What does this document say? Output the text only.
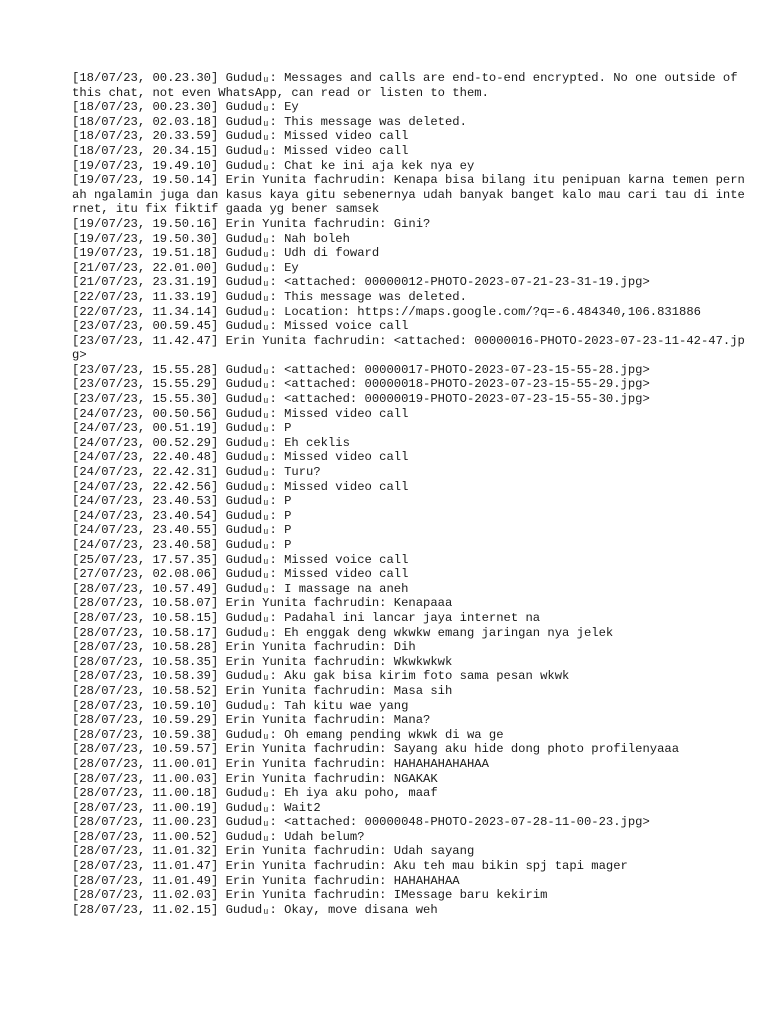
[18/07/23, 00.23.30] Gududᵤ: Messages and calls are end-to-end encrypted. No one outside of this chat, not even WhatsApp, can read or listen to them.
[18/07/23, 00.23.30] Gududᵤ: Ey
[18/07/23, 02.03.18] Gududᵤ: This message was deleted.
[18/07/23, 20.33.59] Gududᵤ: Missed video call
[18/07/23, 20.34.15] Gududᵤ: Missed video call
[19/07/23, 19.49.10] Gududᵤ: Chat ke ini aja kek nya ey
[19/07/23, 19.50.14] Erin Yunita fachrudin: Kenapa bisa bilang itu penipuan karna temen pernah ngalamin juga dan kasus kaya gitu sebenernya udah banyak banget kalo mau cari tau di internet, itu fix fiktif gaada yg bener samsek
[19/07/23, 19.50.16] Erin Yunita fachrudin: Gini?
[19/07/23, 19.50.30] Gududᵤ: Nah boleh
[19/07/23, 19.51.18] Gududᵤ: Udh di foward
[21/07/23, 22.01.00] Gududᵤ: Ey
[21/07/23, 23.31.19] Gududᵤ: <attached: 00000012-PHOTO-2023-07-21-23-31-19.jpg>
[22/07/23, 11.33.19] Gududᵤ: This message was deleted.
[22/07/23, 11.34.14] Gududᵤ: Location: https://maps.google.com/?q=-6.484340,106.831886
[23/07/23, 00.59.45] Gududᵤ: Missed voice call
[23/07/23, 11.42.47] Erin Yunita fachrudin: <attached: 00000016-PHOTO-2023-07-23-11-42-47.jpg>
[23/07/23, 15.55.28] Gududᵤ: <attached: 00000017-PHOTO-2023-07-23-15-55-28.jpg>
[23/07/23, 15.55.29] Gududᵤ: <attached: 00000018-PHOTO-2023-07-23-15-55-29.jpg>
[23/07/23, 15.55.30] Gududᵤ: <attached: 00000019-PHOTO-2023-07-23-15-55-30.jpg>
[24/07/23, 00.50.56] Gududᵤ: Missed video call
[24/07/23, 00.51.19] Gududᵤ: P
[24/07/23, 00.52.29] Gududᵤ: Eh ceklis
[24/07/23, 22.40.48] Gududᵤ: Missed video call
[24/07/23, 22.42.31] Gududᵤ: Turu?
[24/07/23, 22.42.56] Gududᵤ: Missed video call
[24/07/23, 23.40.53] Gududᵤ: P
[24/07/23, 23.40.54] Gududᵤ: P
[24/07/23, 23.40.55] Gududᵤ: P
[24/07/23, 23.40.58] Gududᵤ: P
[25/07/23, 17.57.35] Gududᵤ: Missed voice call
[27/07/23, 02.08.06] Gududᵤ: Missed video call
[28/07/23, 10.57.49] Gududᵤ: I massage na aneh
[28/07/23, 10.58.07] Erin Yunita fachrudin: Kenapaaa
[28/07/23, 10.58.15] Gududᵤ: Padahal ini lancar jaya internet na
[28/07/23, 10.58.17] Gududᵤ: Eh enggak deng wkwkw emang jaringan nya jelek
[28/07/23, 10.58.28] Erin Yunita fachrudin: Dih
[28/07/23, 10.58.35] Erin Yunita fachrudin: Wkwkwkwk
[28/07/23, 10.58.39] Gududᵤ: Aku gak bisa kirim foto sama pesan wkwk
[28/07/23, 10.58.52] Erin Yunita fachrudin: Masa sih
[28/07/23, 10.59.10] Gududᵤ: Tah kitu wae yang
[28/07/23, 10.59.29] Erin Yunita fachrudin: Mana?
[28/07/23, 10.59.38] Gududᵤ: Oh emang pending wkwk di wa ge
[28/07/23, 10.59.57] Erin Yunita fachrudin: Sayang aku hide dong photo profilenyaaa
[28/07/23, 11.00.01] Erin Yunita fachrudin: HAHAHAHAHAHAA
[28/07/23, 11.00.03] Erin Yunita fachrudin: NGAKAK
[28/07/23, 11.00.18] Gududᵤ: Eh iya aku poho, maaf
[28/07/23, 11.00.19] Gududᵤ: Wait2
[28/07/23, 11.00.23] Gududᵤ: <attached: 00000048-PHOTO-2023-07-28-11-00-23.jpg>
[28/07/23, 11.00.52] Gududᵤ: Udah belum?
[28/07/23, 11.01.32] Erin Yunita fachrudin: Udah sayang
[28/07/23, 11.01.47] Erin Yunita fachrudin: Aku teh mau bikin spj tapi mager
[28/07/23, 11.01.49] Erin Yunita fachrudin: HAHAHAHAA
[28/07/23, 11.02.03] Erin Yunita fachrudin: IMessage baru kekirim
[28/07/23, 11.02.15] Gududᵤ: Okay, move disana weh
